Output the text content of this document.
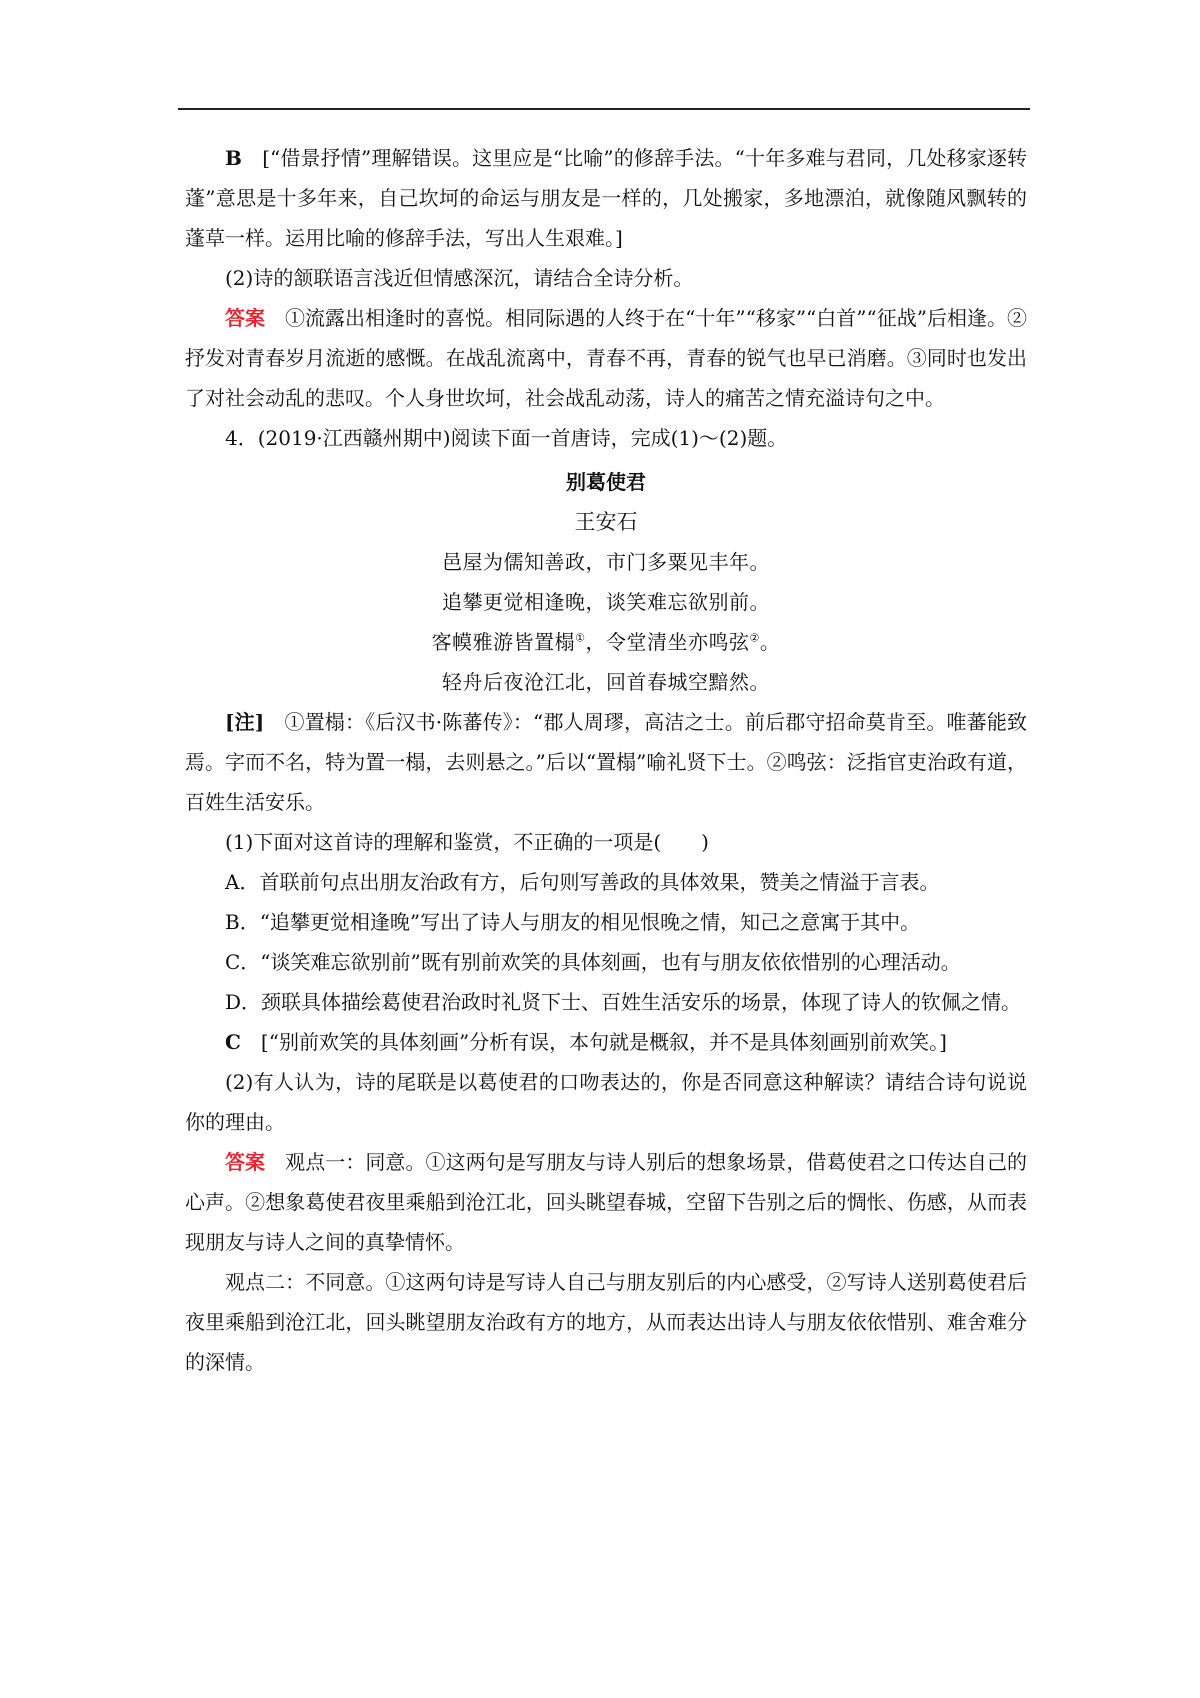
B　 [“借景抒情”理解错误。这里应是“比喻”的修辞手法。“十年多难与君同，几处移家逐转蓬”意思是十多年来，自己坎坷的命运与朋友是一样的，几处搬家，多地漂泊，就像随风飘转的蓬草一样。运用比喻的修辞手法，写出人生艰难。]

(2)诗的颔联语言浅近但情感深沉，请结合全诗分析。

答案　 ①流露出相逢时的喜悦。相同际遇的人终于在“十年”“移家”“白首”“征战”后相逢。②抒发对青春岁月流逝的感慨。在战乱流离中，青春不再，青春的锐气也早已消磨。③同时也发出了对社会动乱的悲叹。个人身世坎坷，社会战乱动荡，诗人的痛苦之情充溢诗句之中。

4．(2019·江西赣州期中)阅读下面一首唐诗，完成(1)～(2)题。

别葛使君

王安石

邑屋为儒知善政，市门多粟见丰年。

追攀更觉相逢晚，谈笑难忘欲别前。

客幙雅游皆置榻①，令堂清坐亦鸣弦②。

轻舟后夜沧江北，回首春城空黯然。

[注]　 ①置榻：《后汉书·陈蕃传》：“郡人周璆，高洁之士。前后郡守招命莫肯至。唯蕃能致焉。字而不名，特为置一榻，去则悬之。”后以“置榻”喻礼贤下士。②鸣弦：泛指官吏治政有道，百姓生活安乐。

(1)下面对这首诗的理解和鉴赏，不正确的一项是(　　)

A．首联前句点出朋友治政有方，后句则写善政的具体效果，赞美之情溢于言表。

B．“追攀更觉相逢晚”写出了诗人与朋友的相见恨晚之情，知己之意寓于其中。

C．“谈笑难忘欲别前”既有别前欢笑的具体刻画，也有与朋友依依惜别的心理活动。

D．颈联具体描绘葛使君治政时礼贤下士、百姓生活安乐的场景，体现了诗人的钦佩之情。

C　 [“别前欢笑的具体刻画”分析有误，本句就是概叙，并不是具体刻画别前欢笑。]

(2)有人认为，诗的尾联是以葛使君的口吻表达的，你是否同意这种解读？请结合诗句说说你的理由。

答案　 观点一：同意。①这两句是写朋友与诗人别后的想象场景，借葛使君之口传达自己的心声。②想象葛使君夜里乘船到沧江北，回头眺望春城，空留下告别之后的惆怅、伤感，从而表现朋友与诗人之间的真挚情怀。

观点二：不同意。①这两句诗是写诗人自己与朋友别后的内心感受，②写诗人送别葛使君后夜里乘船到沧江北，回头眺望朋友治政有方的地方，从而表达出诗人与朋友依依惜别、难舍难分的深情。
